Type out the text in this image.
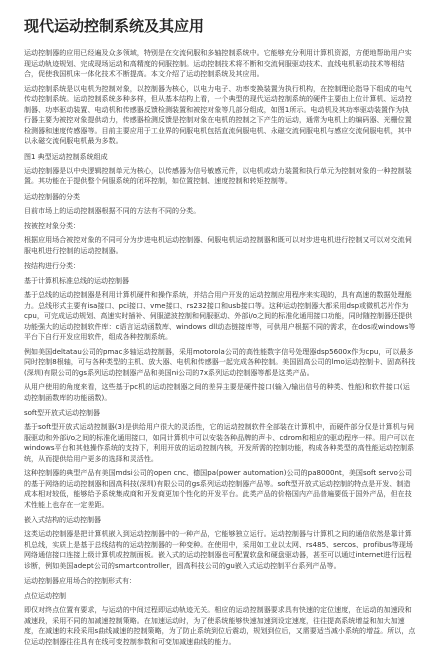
现代运动控制系统及其应用
运动控制器的应用已经遍及众多领域，特别是在交流伺服和多轴控制系统中。它能够充分利用计算机资源，方便地帮助用户实现运动轨迹规划、完成现场运动和高精度的伺服控制。运动控制技术将不断和交流伺服驱动技术、直线电机驱动技术等相结合，促使我国机床一体化技术不断提高。本文介绍了运动控制系统及其应用。
运动控制系统是以电机为控制对象，以控制器为核心，以电力电子、功率变换装置为执行机构，在控制理论指导下组成的电气传动控制系统。运动控制系统多种多样，但从基本结构上看，一个典型的现代运动控制系统的硬件主要由上位计算机、运动控制器、功率驱动装置、电动机和传感器反馈检测装置和被控对象等几部分组成，如图1所示。电动机及其功率驱动装置作为执行器主要为被控对象提供动力，传感器检测反馈是控制对象在电机的控制之下产生的运动，通常为电机上的编码器、光栅位置检测器和速度传感器等。目前主要应用于工业界的伺服电机包括直流伺服电机、永磁交流伺服电机与感应交流伺服电机，其中以永磁交流伺服电机最为多数。
图1 典型运动控制系统组成
运动控制器是以中央逻辑控制单元为核心，以传感器为信号敏感元件，以电机或动力装置和执行单元为控制对象的一种控制装置。其功能在于提供整个伺服系统的闭环控制，如位置控制、速度控制和转矩控制等。
运动控制器的分类
目前市场上的运动控制器根据不同的方法有不同的分类。
按被控对象分类：
根据应用场合被控对象的不同可分为步进电机运动控制器、伺服电机运动控制器和既可以对步进电机进行控制又可以对交流伺服电机进行控制的运动控制器。
按结构进行分类：
基于计算机标准总线的运动控制器
基于总线的运动控制器是利用计算机硬件和操作系统，并结合用户开发的运动控制应用程序来实现的，具有高速的数据处理能力。总线形式主要有isa接口、pci接口、vme接口、rs232接口和usb接口等。这种运动控制器大都采用dsp或微机芯片作为cpu，可完成运动规划、高速实时插补、伺服滤波控制和伺服驱动、外部i/o之间的标准化通用接口功能，同时随控制器还提供功能强大的运动控制软件库：c语言运动函数库、windows dll动态链接库等，可供用户根据不同的需求，在dos或windows等平台下自行开发应用软件，组成各种控制系统。
例如美国deltatau公司的pmac多轴运动控制器，采用motorola公司的高性能数字信号处理器dsp5600x作为cpu，可以最多同时控制8根轴，可与各种类型的主机、放大器、电机和传感器一起完成各种控制。美国固高公司的lmo运动控制卡、固高科技(深圳)有限公司的gs系列运动控制器产品和美国ni公司的7x系列运动控制器等都是这类产品。
从用户使用的角度来看，这些基于pc机的运动控制器之间的差异主要是硬件接口(输入/输出信号的种类、性能)和软件接口(运动控制函数库的功能函数)。
soft型开放式运动控制器
基于soft型开放式运动控制器(3)是供给用户很大的灵活性，它的运动控制软件全部装在计算机中，而硬件部分仅是计算机与伺服驱动和外部i/o之间的标准化通用接口，如同计算机中可以安装各种品牌的声卡、cdrom和相应的驱动程序一样。用户可以在windows平台和其他操作系统的支持下，利用开放的运动控制内核，开发所需的控制功能，构成各种类型的高性能运动控制系统，从而提供给用户更多的选择和灵活性。
这种控制器的典型产品有美国mdsi公司的open cnc、德国pa(power automation)公司的pa8000nt，美国soft servo公司的基于网络的运动控制器和固高科技(深圳)有限公司的gs系列运动控制器产品等。soft型开放式运动控制的特点是开发、制造成本相对较低，能够给予系统集成商和开发商更加个性化的开发平台。此类产品的价格国内产品普遍要低于国外产品，但在技术性能上也存在一定差距。
嵌入式结构的运动控制器
这类运动控制器是把计算机嵌入到运动控制器中的一种产品，它能够独立运行。运动控制器与计算机之间的通信依然是靠计算机总线，实质上是基于总线结构的运动控制器的一种变种。在使用中，采用如工业以太网、rs485、sercos、profibus等现场网络通信接口连接上级计算机或控制面板。嵌入式的运动控制器也可配置软盘和硬盘驱动器，甚至可以通过internet进行远程诊断，例如美国adept公司的smartcontroller，固高科技公司的gu嵌入式运动控制平台系列产品等。
运动控制器应用场合的控制形式有：
点位运动控制
即仅对终点位置有要求，与运动的中间过程即运动轨迹无关。相应的运动控制器要求具有快速的定位速度，在运动的加速段和减速段，采用不同的加减速控制策略。在加速运动时，为了使系统能够快速加速到设定速度，往往提高系统增益和加大加速度，在减速的末段采用s曲线减速的控制策略，为了防止系统到位后震动，规划到位后，又需要适当减小系统的增益。所以，点位运动控制器往往具有在线可变控制参数和可变加减速曲线的能力。
